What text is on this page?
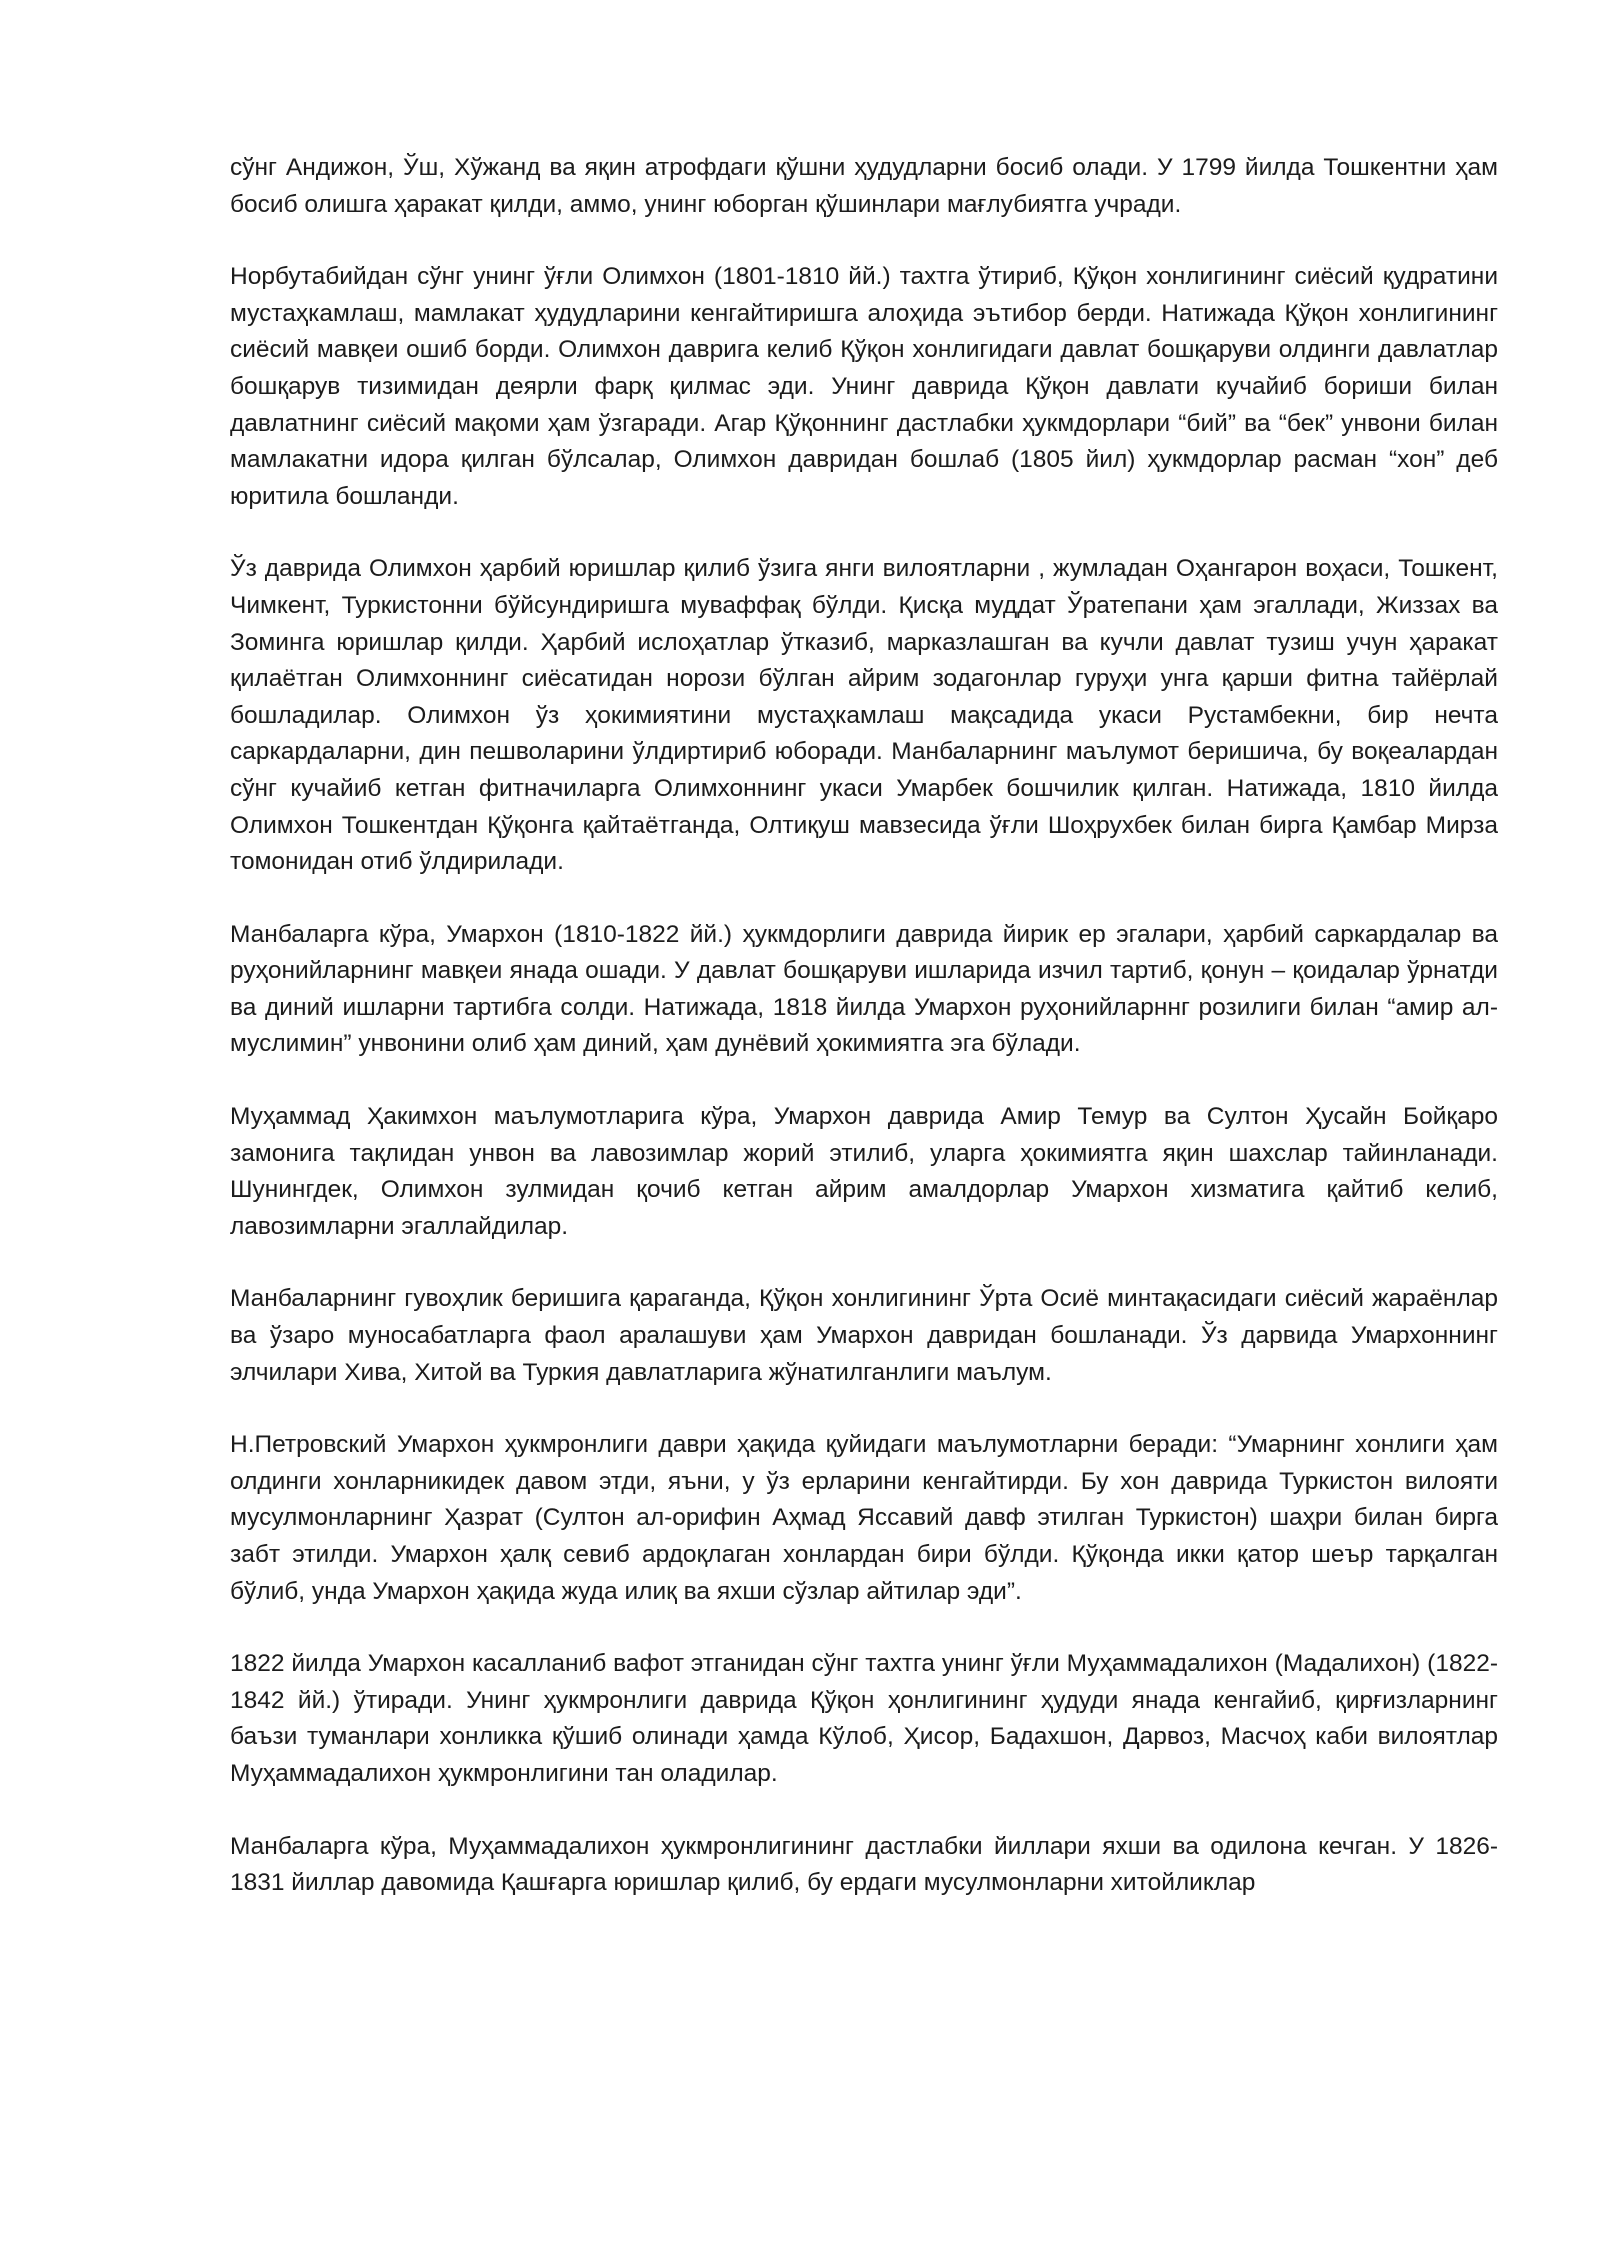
сўнг Андижон, Ўш, Хўжанд ва яқин атрофдаги қўшни ҳудудларни босиб олади. У 1799 йилда Тошкентни ҳам босиб олишга ҳаракат қилди, аммо, унинг юборган қўшинлари мағлубиятга учради.

Норбутабийдан сўнг унинг ўғли Олимхон (1801-1810 йй.) тахтга ўтириб, Қўқон хонлигининг сиёсий қудратини мустаҳкамлаш, мамлакат ҳудудларини кенгайтиришга алоҳида эътибор берди. Натижада Қўқон хонлигининг сиёсий мавқеи ошиб борди. Олимхон даврига келиб Қўқон хонлигидаги давлат бошқаруви олдинги давлатлар бошқарув тизимидан деярли фарқ қилмас эди. Унинг даврида Қўқон давлати кучайиб бориши билан давлатнинг сиёсий мақоми ҳам ўзгаради. Агар Қўқоннинг дастлабки ҳукмдорлари “бий” ва “бек” унвони билан мамлакатни идора қилган бўлсалар, Олимхон давридан бошлаб (1805 йил) ҳукмдорлар расман “хон” деб юритила бошланди.

Ўз даврида Олимхон ҳарбий юришлар қилиб ўзига янги вилоятларни , жумладан Оҳангарон воҳаси, Тошкент, Чимкент, Туркистонни бўйсундиришга муваффақ бўлди. Қисқа муддат Ўратепани ҳам эгаллади, Жиззах ва Зоминга юришлар қилди. Ҳарбий ислоҳатлар ўтказиб, марказлашган ва кучли давлат тузиш учун ҳаракат қилаётган Олимхоннинг сиёсатидан норози бўлган айрим зодагонлар гуруҳи унга қарши фитна тайёрлай бошладилар. Олимхон ўз ҳокимиятини мустаҳкамлаш мақсадида укаси Рустамбекни, бир нечта саркардаларни, дин пешволарини ўлдиртириб юборади. Манбаларнинг маълумот беришича, бу воқеалардан сўнг кучайиб кетган фитначиларга Олимхоннинг укаси Умарбек бошчилик қилган. Натижада, 1810 йилда Олимхон Тошкентдан Қўқонга қайтаётганда, Олтиқуш мавзесида ўғли Шоҳрухбек билан бирга Қамбар Мирза томонидан отиб ўлдирилади.

Манбаларга кўра, Умархон (1810-1822 йй.) ҳукмдорлиги даврида йирик ер эгалари, ҳарбий саркардалар ва руҳонийларнинг мавқеи янада ошади. У давлат бошқаруви ишларида изчил тартиб, қонун – қоидалар ўрнатди ва диний ишларни тартибга солди. Натижада, 1818 йилда Умархон руҳонийларннг розилиги билан “амир ал-муслимин” унвонини олиб ҳам диний, ҳам дунёвий ҳокимиятга эга бўлади.

Муҳаммад Ҳакимхон маълумотларига кўра, Умархон даврида Амир Темур ва Султон Ҳусайн Бойқаро замонига тақлидан унвон ва лавозимлар жорий этилиб, уларга ҳокимиятга яқин шахслар тайинланади. Шунингдек, Олимхон зулмидан қочиб кетган айрим амалдорлар Умархон хизматига қайтиб келиб, лавозимларни эгаллайдилар.

Манбаларнинг гувоҳлик беришига қараганда, Қўқон хонлигининг Ўрта Осиё минтақасидаги сиёсий жараёнлар ва ўзаро муносабатларга фаол аралашуви ҳам Умархон давридан бошланади. Ўз дарвида Умархоннинг элчилари Хива, Хитой ва Туркия давлатларига жўнатилганлиги маълум.

Н.Петровский Умархон ҳукмронлиги даври ҳақида қуйидаги маълумотларни беради: “Умарнинг хонлиги ҳам олдинги хонларникидек давом этди, яъни, у ўз ерларини кенгайтирди. Бу хон даврида Туркистон вилояти мусулмонларнинг Ҳазрат (Султон ал-орифин Аҳмад Яссавий давф этилган Туркистон) шаҳри билан бирга забт этилди. Умархон ҳалқ севиб ардоқлаган хонлардан бири бўлди. Қўқонда икки қатор шеър тарқалган бўлиб, унда Умархон ҳақида жуда илиқ ва яхши сўзлар айтилар эди”.

1822 йилда Умархон касалланиб вафот этганидан сўнг тахтга унинг ўғли Муҳаммадалихон (Мадалихон) (1822-1842 йй.) ўтиради. Унинг ҳукмронлиги даврида Қўқон ҳонлигининг ҳудуди янада кенгайиб, қирғизларнинг баъзи туманлари хонликка қўшиб олинади ҳамда Кўлоб, Ҳисор, Бадахшон, Дарвоз, Масчоҳ каби вилоятлар Муҳаммадалихон ҳукмронлигини тан оладилар.

Манбаларга кўра, Муҳаммадалихон ҳукмронлигининг дастлабки йиллари яхши ва одилона кечган. У 1826-1831 йиллар давомида Қашғарга юришлар қилиб, бу ердаги мусулмонларни хитойликлар
